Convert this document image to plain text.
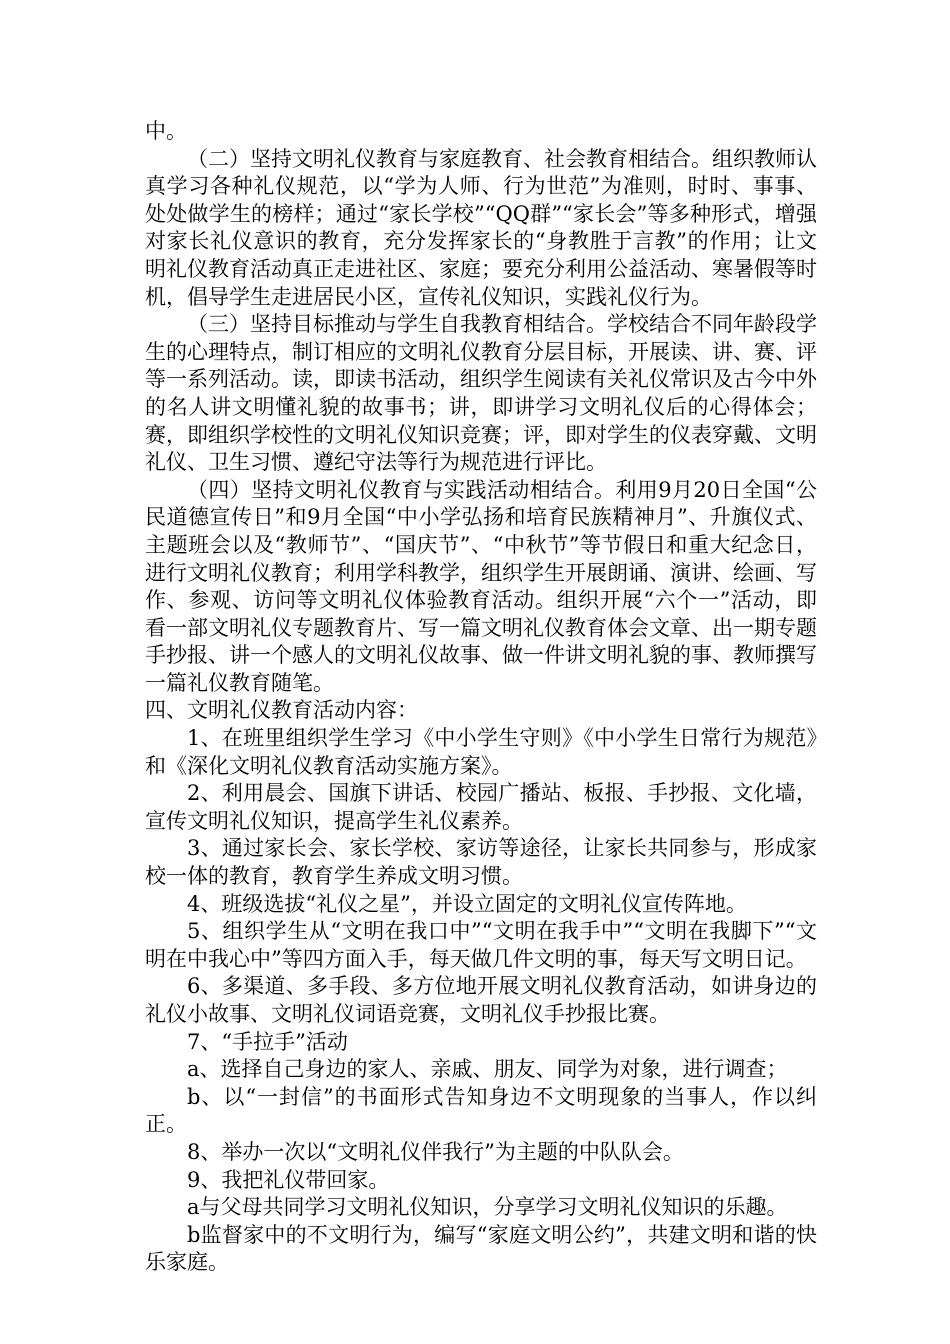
中。

（二）坚持文明礼仪教育与家庭教育、社会教育相结合。组织教师认真学习各种礼仪规范，以“学为人师、行为世范”为准则，时时、事事、处处做学生的榜样；通过“家长学校”“QQ群”“家长会”等多种形式，增强对家长礼仪意识的教育，充分发挥家长的“身教胜于言教”的作用；让文明礼仪教育活动真正走进社区、家庭；要充分利用公益活动、寒暑假等时机，倡导学生走进居民小区，宣传礼仪知识，实践礼仪行为。

（三）坚持目标推动与学生自我教育相结合。学校结合不同年龄段学生的心理特点，制订相应的文明礼仪教育分层目标，开展读、讲、赛、评等一系列活动。读，即读书活动，组织学生阅读有关礼仪常识及古今中外的名人讲文明懂礼貌的故事书；讲，即讲学习文明礼仪后的心得体会；赛，即组织学校性的文明礼仪知识竞赛；评，即对学生的仪表穿戴、文明礼仪、卫生习惯、遵纪守法等行为规范进行评比。

（四）坚持文明礼仪教育与实践活动相结合。利用9月20日全国“公民道德宣传日”和9月全国“中小学弘扬和培育民族精神月”、升旗仪式、主题班会以及“教师节”、“国庆节”、“中秋节”等节假日和重大纪念日，进行文明礼仪教育；利用学科教学，组织学生开展朗诵、演讲、绘画、写作、参观、访问等文明礼仪体验教育活动。组织开展“六个一”活动，即看一部文明礼仪专题教育片、写一篇文明礼仪教育体会文章、出一期专题手抄报、讲一个感人的文明礼仪故事、做一件讲文明礼貌的事、教师撰写一篇礼仪教育随笔。

四、文明礼仪教育活动内容：

1、在班里组织学生学习《中小学生守则》《中小学生日常行为规范》和《深化文明礼仪教育活动实施方案》。

2、利用晨会、国旗下讲话、校园广播站、板报、手抄报、文化墙，宣传文明礼仪知识，提高学生礼仪素养。

3、通过家长会、家长学校、家访等途径，让家长共同参与，形成家校一体的教育，教育学生养成文明习惯。

4、班级选拔“礼仪之星”，并设立固定的文明礼仪宣传阵地。

5、组织学生从“文明在我口中”“文明在我手中”“文明在我脚下”“文明在中我心中”等四方面入手，每天做几件文明的事，每天写文明日记。

6、多渠道、多手段、多方位地开展文明礼仪教育活动，如讲身边的礼仪小故事、文明礼仪词语竞赛，文明礼仪手抄报比赛。

7、“手拉手”活动

a、选择自己身边的家人、亲戚、朋友、同学为对象，进行调查；

b、以“一封信”的书面形式告知身边不文明现象的当事人，作以纠正。

8、举办一次以“文明礼仪伴我行”为主题的中队队会。

9、我把礼仪带回家。

a与父母共同学习文明礼仪知识，分享学习文明礼仪知识的乐趣。

b监督家中的不文明行为，编写“家庭文明公约”，共建文明和谐的快乐家庭。
